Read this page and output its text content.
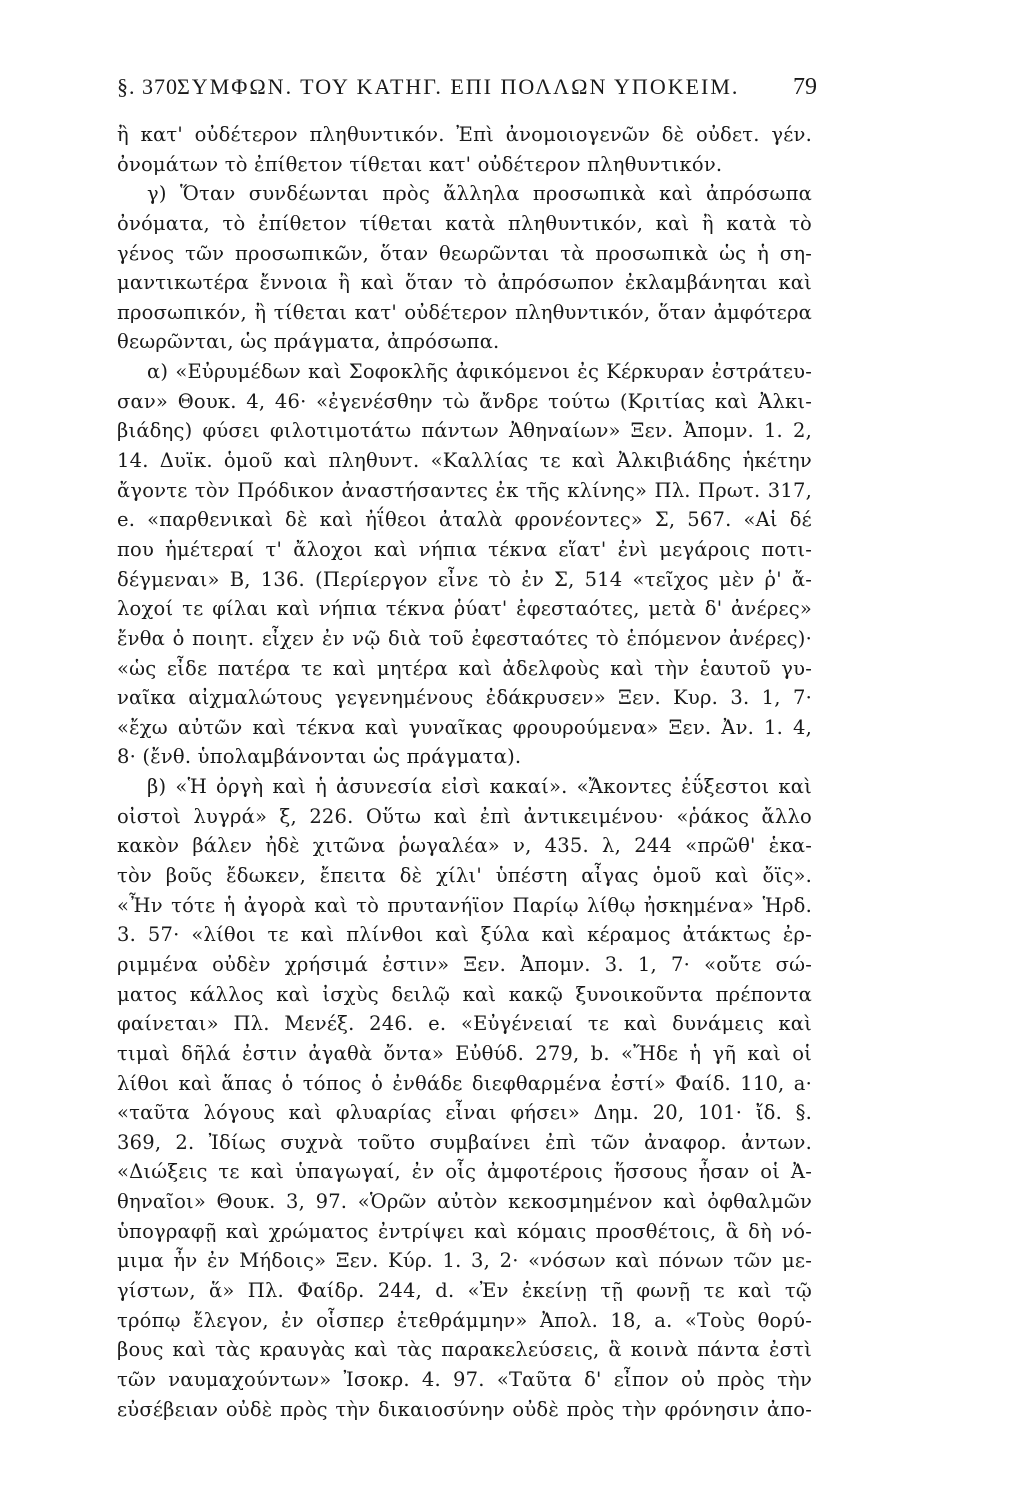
§. 370 ΣΥΜΦΩΝ. ΤΟΥ ΚΑΤΗΓ. ΕΠΙ ΠΟΛΛΩΝ ΥΠΟΚΕΙΜ. 79
ἢ κατ' οὐδέτερον πληθυντικόν. Ἐπὶ ἀνομοιογενῶν δὲ οὐδετ. γέν.
ὀνομάτων τὸ ἐπίθετον τίθεται κατ' οὐδέτερον πληθυντικόν.
γ) Ὅταν συνδέωνται πρὸς ἄλληλα προσωπικὰ καὶ ἀπρόσωπα
ὀνόματα, τὸ ἐπίθετον τίθεται κατὰ πληθυντικόν, καὶ ἢ κατὰ τὸ
γένος τῶν προσωπικῶν, ὅταν θεωρῶνται τὰ προσωπικὰ ὡς ἡ ση-
μαντικωτέρα ἔννοια ἢ καὶ ὅταν τὸ ἀπρόσωπον ἐκλαμβάνηται καὶ
προσωπικόν, ἢ τίθεται κατ' οὐδέτερον πληθυντικόν, ὅταν ἀμφότερα
θεωρῶνται, ὡς πράγματα, ἀπρόσωπα.
α) «Εὐρυμέδων καὶ Σοφοκλῆς ἀφικόμενοι ἐς Κέρκυραν ἐστράτευ-
σαν» Θουκ. 4, 46· «ἐγενέσθην τὼ ἄνδρε τούτω (Κριτίας καὶ Ἀλκι-
βιάδης) φύσει φιλοτιμοτάτω πάντων Ἀθηναίων» Ξεν. Ἀπομν. 1. 2,
14. Δυϊκ. ὁμοῦ καὶ πληθυντ. «Καλλίας τε καὶ Ἀλκιβιάδης ἡκέτην
ἄγοντε τὸν Πρόδικον ἀναστήσαντες ἐκ τῆς κλίνης» Πλ. Πρωτ. 317,
e. «παρθενικαὶ δὲ καὶ ἠΐθεοι ἀταλὰ φρονέοντες» Σ, 567. «Αἱ δέ
που ἡμέτεραί τ' ἄλοχοι καὶ νήπια τέκνα εἵατ' ἐνὶ μεγάροις ποτι-
δέγμεναι» Β, 136. (Περίεργον εἶνε τὸ ἐν Σ, 514 «τεῖχος μὲν ῥ' ἄ-
λοχοί τε φίλαι καὶ νήπια τέκνα ῥύατ' ἐφεσταότες, μετὰ δ' ἀνέρες»
ἔνθα ὁ ποιητ. εἶχεν ἐν νῷ διὰ τοῦ ἐφεσταότες τὸ ἑπόμενον ἀνέρες)·
«ὡς εἶδε πατέρα τε καὶ μητέρα καὶ ἀδελφοὺς καὶ τὴν ἑαυτοῦ γυ-
ναῖκα αἰχμαλώτους γεγενημένους ἐδάκρυσεν» Ξεν. Κυρ. 3. 1, 7·
«ἔχω αὐτῶν καὶ τέκνα καὶ γυναῖκας φρουρούμενα» Ξεν. Ἀν. 1. 4,
8· (ἔνθ. ὑπολαμβάνονται ὡς πράγματα).
β) «Ἡ ὀργὴ καὶ ἡ ἀσυνεσία εἰσὶ κακαί». «Ἄκοντες ἐΰξεστοι καὶ
οἰστοὶ λυγρά» ξ, 226. Οὕτω καὶ ἐπὶ ἀντικειμένου· «ῥάκος ἄλλο
κακὸν βάλεν ἠδὲ χιτῶνα ῥωγαλέα» ν, 435. λ, 244 «πρῶθ' ἑκα-
τὸν βοῦς ἔδωκεν, ἔπειτα δὲ χίλι' ὑπέστη αἶγας ὁμοῦ καὶ ὄϊς».
«Ἦν τότε ἡ ἀγορὰ καὶ τὸ πρυτανήϊον Παρίῳ λίθῳ ἠσκημένα» Ἡρδ.
3. 57· «λίθοι τε καὶ πλίνθοι καὶ ξύλα καὶ κέραμος ἀτάκτως ἐρ-
ριμμένα οὐδὲν χρήσιμά ἐστιν» Ξεν. Ἀπομν. 3. 1, 7· «οὔτε σώ-
ματος κάλλος καὶ ἰσχὺς δειλῷ καὶ κακῷ ξυνοικοῦντα πρέποντα
φαίνεται» Πλ. Μενέξ. 246. e. «Εὐγένειαί τε καὶ δυνάμεις καὶ
τιμαὶ δῆλά ἐστιν ἀγαθὰ ὄντα» Εὐθύδ. 279, b. «Ἤδε ἡ γῆ καὶ οἱ
λίθοι καὶ ἅπας ὁ τόπος ὁ ἐνθάδε διεφθαρμένα ἐστί» Φαίδ. 110, a·
«ταῦτα λόγους καὶ φλυαρίας εἶναι φήσει» Δημ. 20, 101· ἴδ. §.
369, 2. Ἰδίως συχνὰ τοῦτο συμβαίνει ἐπὶ τῶν ἀναφορ. ἀντων.
«Διώξεις τε καὶ ὑπαγωγαί, ἐν οἷς ἀμφοτέροις ἥσσους ἦσαν οἱ Ἀ-
θηναῖοι» Θουκ. 3, 97. «Ὁρῶν αὐτὸν κεκοσμημένον καὶ ὀφθαλμῶν
ὑπογραφῇ καὶ χρώματος ἐντρίψει καὶ κόμαις προσθέτοις, ἃ δὴ νό-
μιμα ἦν ἐν Μήδοις» Ξεν. Κύρ. 1. 3, 2· «νόσων καὶ πόνων τῶν με-
γίστων, ἅ» Πλ. Φαίδρ. 244, d. «Ἐν ἐκείνῃ τῇ φωνῇ τε καὶ τῷ
τρόπῳ ἔλεγον, ἐν οἷσπερ ἐτεθράμμην» Ἀπολ. 18, a. «Τοὺς θορύ-
βους καὶ τὰς κραυγὰς καὶ τὰς παρακελεύσεις, ἃ κοινὰ πάντα ἐστὶ
τῶν ναυμαχούντων» Ἰσοκρ. 4. 97. «Ταῦτα δ' εἶπον οὐ πρὸς τὴν
εὐσέβειαν οὐδὲ πρὸς τὴν δικαιοσύνην οὐδὲ πρὸς τὴν φρόνησιν ἀπο-
